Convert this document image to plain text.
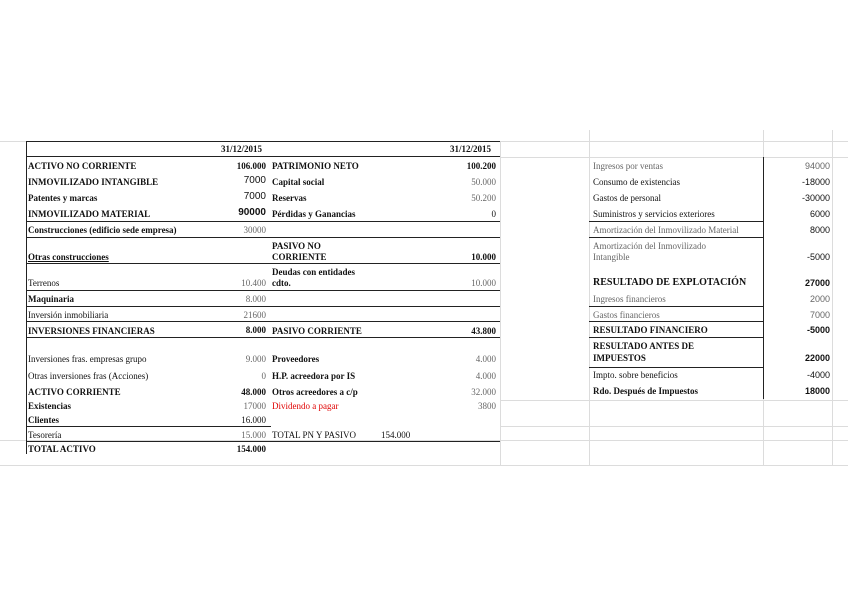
31/12/2015	31/12/2015
ACTIVO NO CORRIENTE	106.000
INMOVILIZADO INTANGIBLE	7000
Patentes y marcas	7000
INMOVILIZADO MATERIAL	90000
Construcciones (edificio sede empresa)	30000
Otras construcciones
Terrenos	10.400
Maquinaria	8.000
Inversión inmobiliaria	21600
INVERSIONES FINANCIERAS	8.000
Inversiones fras. empresas grupo	9.000
Otras inversiones fras (Acciones)	0
ACTIVO CORRIENTE	48.000
Existencias	17000
Clientes	16.000
Tesorería	15.000
TOTAL ACTIVO	154.000
PATRIMONIO NETO	100.200
Capital social	50.000
Reservas	50.200
Pérdidas y Ganancias	0
PASIVO NO
CORRIENTE	10.000
Deudas con entidades
cdto.	10.000
PASIVO CORRIENTE	43.800
Proveedores	4.000
H.P. acreedora por IS	4.000
Otros acreedores a c/p	32.000
Dividendo a pagar	3800
TOTAL PN Y PASIVO	154.000
Ingresos por ventas	94000
Consumo de existencias	-18000
Gastos de personal	-30000
Suministros y servicios exteriores	6000
Amortización del Inmovilizado Material	8000
Amortización del Inmovilizado
Intangible	-5000
RESULTADO DE EXPLOTACIÓN	27000
Ingresos financieros	2000
Gastos financieros	7000
RESULTADO FINANCIERO	-5000
RESULTADO ANTES DE
IMPUESTOS	22000
Impto. sobre beneficios	-4000
Rdo. Después de Impuestos	18000
